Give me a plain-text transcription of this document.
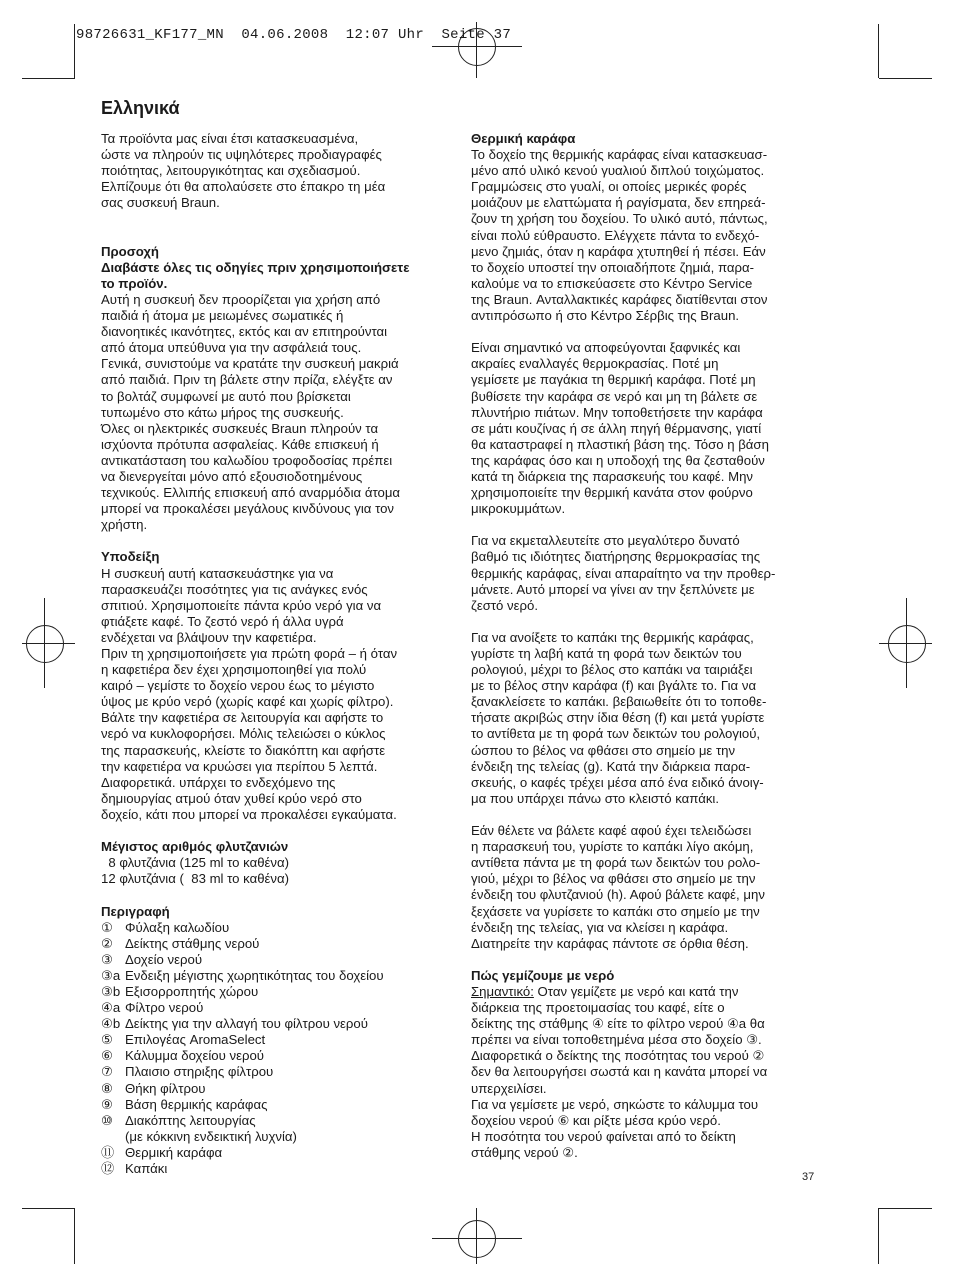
98726631_KF177_MN  04.06.2008  12:07 Uhr  Seite 37
Ελληνικά

Τα προϊόντα μας είναι έτσι κατασκευασμένα,

ώστε να πληρούν τις υψηλότερες προδιαγραφές

ποιότητας, λειτουργικότητας και σχεδιασμού.

Ελπίζουμε ότι θα απολαύσετε στο έπακρο τη μέα

σας συσκευή Braun.

Προσοχή

Διαβάστε όλες τις οδηγίες πριν χρησιμοποιήσετε

το προϊόν.

Αυτή η συσκευή δεν προορίζεται για χρήση από

παιδιά ή άτομα με μειωμένες σωματικές ή

διανοητικές ικανότητες, εκτός και αν επιτηρούνται

από άτομα υπεύθυνα για την ασφάλειά τους.

Γενικά, συνιστούμε να κρατάτε την συσκευή μακριά

από παιδιά. Πριν τη βάλετε στην πρίζα, ελέγξτε αν

το βολτάζ συμφωνεί με αυτό που βρίσκεται

τυπωμένο στο κάτω μήρος της συσκευής.

Όλες οι ηλεκτρικές συσκευές Braun πληρούν τα

ισχύοντα πρότυπα ασφαλείας. Κάθε επισκευή ή

αντικατάσταση του καλωδίου τροφοδοσίας πρέπει

να διενεργείται μόνο από εξουσιοδοτημένους

τεχνικούς. Ελλιπής επισκευή από αναρμόδια άτομα

μπορεί να προκαλέσει μεγάλους κινδύνους για τον

χρήστη.

Υποδείξη

Η συσκευή αυτή κατασκευάστηκε για να

παρασκευάζει ποσότητες για τις ανάγκες ενός

σπιτιού. Χρησιμοποιείτε πάντα κρύο νερό για να

φτιάξετε καφέ. Το ζεστό νερό ή άλλα υγρά

ενδέχεται να βλάψουν την καφετιέρα.

Πριν τη χρησιμοποιήσετε για πρώτη φορά – ή όταν

η καφετιέρα δεν έχει χρησιμοποιηθεί για πολύ

καιρό – γεμίστε το δοχείο νερου έως το μέγιστο

ύψος με κρύο νερό (χωρίς καφέ και χωρίς φίλτρο).

Βάλτε την καφετιέρα σε λειτουργία και αφήστε το

νερό να κυκλοφορήσει. Μόλις τελειώσει ο κύκλος

της παρασκευής, κλείστε το διακόπτη και αφήστε

την καφετιέρα να κρυώσει για περίπου 5 λεπτά.

Διαφορετικά. υπάρχει το ενδεχόμενο της

δημιουργίας ατμού όταν χυθεί κρύο νερό στο

δοχείο, κάτι που μπορεί να προκαλέσει εγκαύματα.

Μέγιστος αριθμός φλυτζανιών

8 φλυτζάνια (125 ml το καθένα)

12 φλυτζάνια (  83 ml το καθένα)

Περιγραφή

① Φύλαξη καλωδίου

② Δείκτης στάθμης νερού

③ Δοχείο νερού

③a Ενδειξη μέγιστης χωρητικότητας του δοχείου

③b Εξισορροπητής χώρου

④a Φίλτρο νερού

④b Δείκτης για την αλλαγή του φίλτρου νερού

⑤ Επιλογέας AromaSelect

⑥ Κάλυμμα δοχείου νερού

⑦ Πλαισιο στηριξης φίλτρου

⑧ Θήκη φίλτρου

⑨ Βάση θερμικής καράφας

⑩ Διακόπτης λειτουργίας

(με κόκκινη ενδεικτική λυχνία)

⑪ Θερμική καράφα

⑫ Καπάκι

Θερμική καράφα

Το δοχείο της θερμικής καράφας είναι κατασκευασ-

μένο από υλικό κενού γυαλιού διπλού τοιχώματος.

Γραμμώσεις στο γυαλί, οι οποίες μερικές φορές

μοιάζουν με ελαττώματα ή ραγίσματα, δεν επηρεά-

ζουν τη χρήση του δοχείου. Το υλικό αυτό, πάντως,

είναι πολύ εύθραυστο. Ελέγχετε πάντα το ενδεχό-

μενο ζημιάς, όταν η καράφα χτυπηθεί ή πέσει. Εάν

το δοχείο υποστεί την οποιαδήποτε ζημιά, παρα-

καλούμε να το επισκεύασετε στο Κέντρο Service

της Braun. Ανταλλακτικές καράφες διατίθενται στον

αντιπρόσωπο ή στο Κέντρο Σέρβις της Braun.

Είναι σημαντικό να αποφεύγονται ξαφνικές και

ακραίες εναλλαγές θερμοκρασίας. Ποτέ μη

γεμίσετε με παγάκια τη θερμική καράφα. Ποτέ μη

βυθίσετε την καράφα σε νερό και μη τη βάλετε σε

πλυντήριο πιάτων. Μην τοποθετήσετε την καράφα

σε μάτι κουζίνας ή σε άλλη πηγή θέρμανσης, γιατί

θα καταστραφεί η πλαστική βάση της. Τόσο η βάση

της καράφας όσο και η υποδοχή της θα ζεσταθούν

κατά τη διάρκεια της παρασκευής του καφέ. Μην

χρησιμοποιείτε την θερμική κανάτα στον φούρνο

μικροκυμμάτων.

Για να εκμεταλλευτείτε στο μεγαλύτερο δυνατό

βαθμό τις ιδιότητες διατήρησης θερμοκρασίας της

θερμικής καράφας, είναι απαραίτητο να την προθερ-

μάνετε. Αυτό μπορεί να γίνει αν την ξεπλύνετε με

ζεστό νερό.

Για να ανοίξετε το καπάκι της θερμικής καράφας,

γυρίστε τη λαβή κατά τη φορά των δεικτών του

ρολογιού, μέχρι το βέλος στο καπάκι να ταιριάξει

με το βέλος στην καράφα (f) και βγάλτε το. Για να

ξανακλείσετε το καπάκι. βεβαιωθείτε ότι το τοποθε-

τήσατε ακριβώς στην ίδια θέση (f) και μετά γυρίστε

το αντίθετα με τη φορά των δεικτών του ρολογιού,

ώσπου το βέλος να φθάσει στο σημείο με την

ένδειξη της τελείας (g). Κατά την διάρκεια παρα-

σκευής, ο καφές τρέχει μέσα από ένα ειδικό άνοιγ-

μα που υπάρχει πάνω στο κλειστό καπάκι.

Εάν θέλετε να βάλετε καφέ αφού έχει τελειδώσει

η παρασκευή του, γυρίστε το καπάκι λίγο ακόμη,

αντίθετα πάντα με τη φορά των δεικτών του ρολο-

γιού, μέχρι το βέλος να φθάσει στο σημείο με την

ένδειξη του φλυτζανιού (h). Αφού βάλετε καφέ, μην

ξεχάσετε να γυρίσετε το καπάκι στο σημείο με την

ένδειξη της τελείας, για να κλείσει η καράφα.

Διατηρείτε την καράφας πάντοτε σε όρθια θέση.

Πώς γεμίζουμε με νερό

Σημαντικό: Οταν γεμίζετε με νερό και κατά την

διάρκεια της προετοιμασίας του καφέ, είτε ο

δείκτης της στάθμης ④ είτε το φίλτρο νερού ④a θα

πρέπει να είναι τοποθετημένα μέσα στο δοχείο ③.

Διαφορετικά ο δείκτης της ποσότητας του νερού ②

δεν θα λειτουργήσει σωστά και η κανάτα μπορεί να

υπερχειλίσει.

Για να γεμίσετε με νερό, σηκώστε το κάλυμμα του

δοχείου νερού ⑥ και ρίξτε μέσα κρύο νερό.

Η ποσότητα του νερού φαίνεται από το δείκτη

στάθμης νερού ②.

37
